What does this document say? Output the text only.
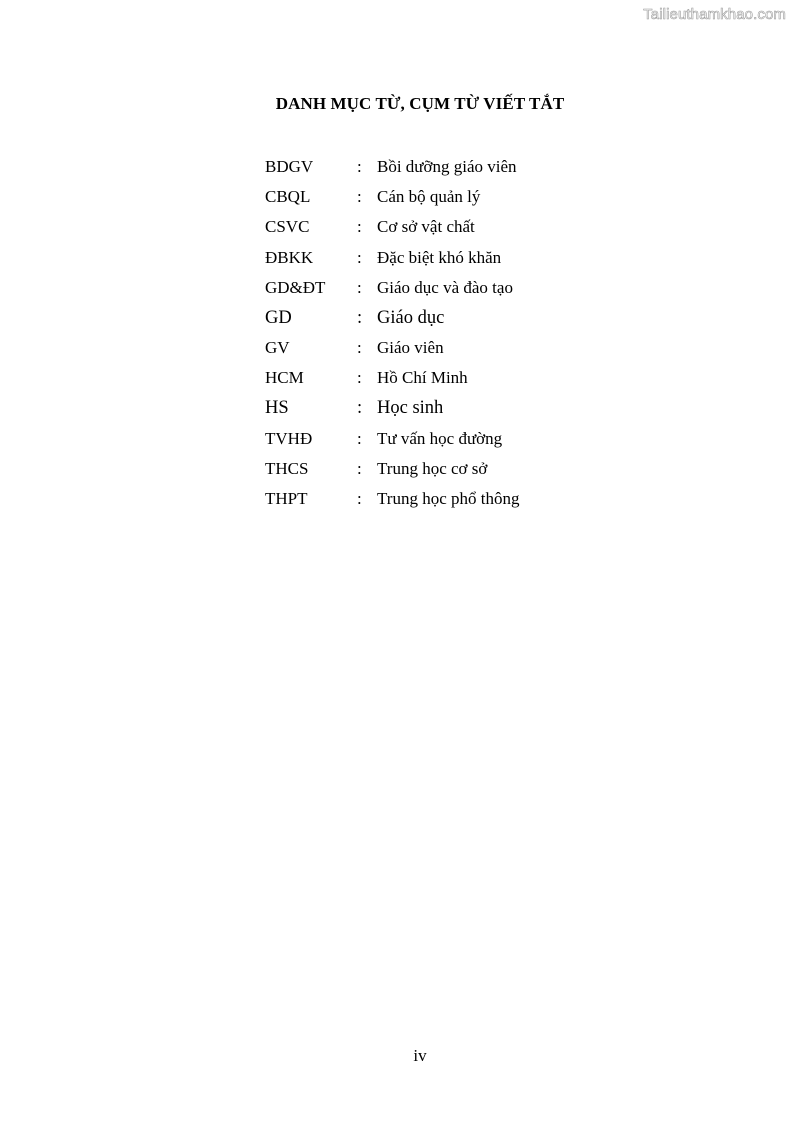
Tailieuthamkhao.com
DANH MỤC TỪ, CỤM TỪ VIẾT TẮT
BDGV	: Bồi dưỡng giáo viên
CBQL	: Cán bộ quản lý
CSVC	: Cơ sở vật chất
ĐBKK	: Đặc biệt khó khăn
GD&ĐT	: Giáo dục và đào tạo
GD	: Giáo dục
GV	: Giáo viên
HCM	: Hồ Chí Minh
HS	: Học sinh
TVHĐ	: Tư vấn học đường
THCS	: Trung học cơ sở
THPT	: Trung học phổ thông
iv
